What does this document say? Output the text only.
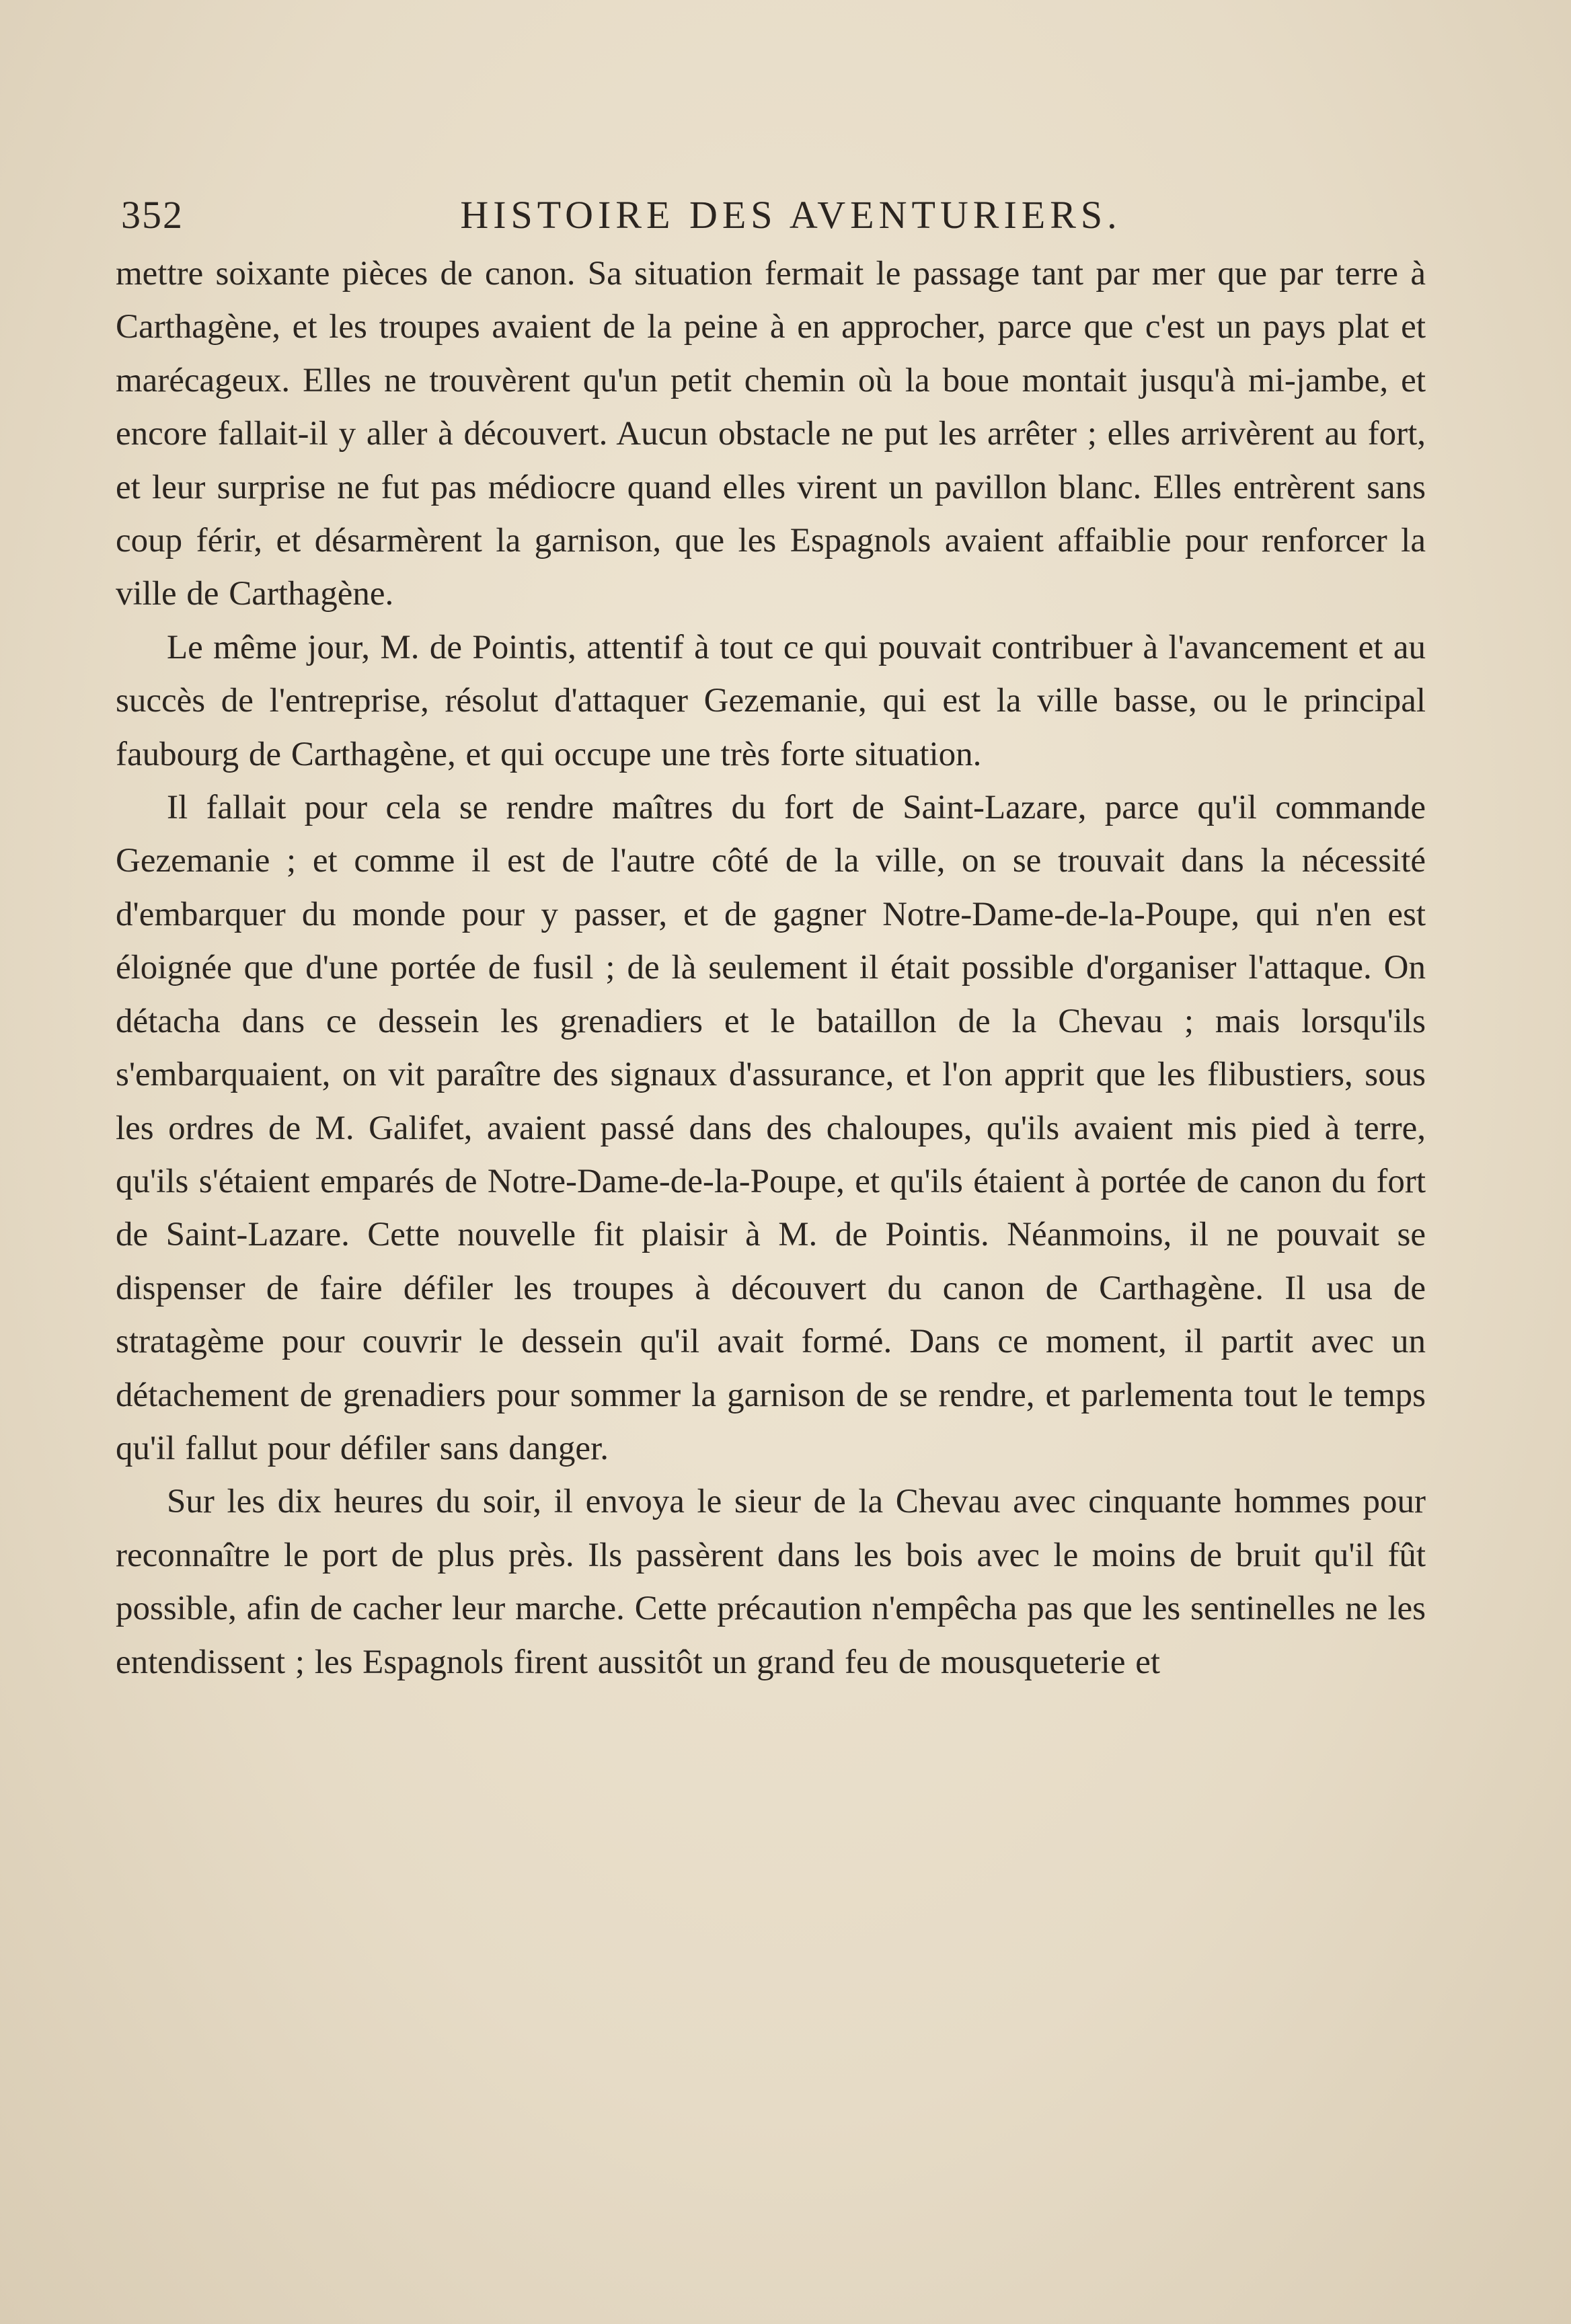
352	HISTOIRE DES AVENTURIERS.

mettre soixante pièces de canon. Sa situation fermait le passage tant par mer que par terre à Carthagène, et les troupes avaient de la peine à en approcher, parce que c'est un pays plat et marécageux. Elles ne trouvèrent qu'un petit chemin où la boue montait jusqu'à mi-jambe, et encore fallait-il y aller à découvert. Aucun obstacle ne put les arrêter ; elles arrivèrent au fort, et leur surprise ne fut pas médiocre quand elles virent un pavillon blanc. Elles entrèrent sans coup férir, et désarmèrent la garnison, que les Espagnols avaient affaiblie pour renforcer la ville de Carthagène.

Le même jour, M. de Pointis, attentif à tout ce qui pouvait contribuer à l'avancement et au succès de l'entreprise, résolut d'attaquer Gezemanie, qui est la ville basse, ou le principal faubourg de Carthagène, et qui occupe une très forte situation.

Il fallait pour cela se rendre maîtres du fort de Saint-Lazare, parce qu'il commande Gezemanie ; et comme il est de l'autre côté de la ville, on se trouvait dans la nécessité d'embarquer du monde pour y passer, et de gagner Notre-Dame-de-la-Poupe, qui n'en est éloignée que d'une portée de fusil ; de là seulement il était possible d'organiser l'attaque. On détacha dans ce dessein les grenadiers et le bataillon de la Chevau ; mais lorsqu'ils s'embarquaient, on vit paraître des signaux d'assurance, et l'on apprit que les flibustiers, sous les ordres de M. Galifet, avaient passé dans des chaloupes, qu'ils avaient mis pied à terre, qu'ils s'étaient emparés de Notre-Dame-de-la-Poupe, et qu'ils étaient à portée de canon du fort de Saint-Lazare. Cette nouvelle fit plaisir à M. de Pointis. Néanmoins, il ne pouvait se dispenser de faire défiler les troupes à découvert du canon de Carthagène. Il usa de stratagème pour couvrir le dessein qu'il avait formé. Dans ce moment, il partit avec un détachement de grenadiers pour sommer la garnison de se rendre, et parlementa tout le temps qu'il fallut pour défiler sans danger.

Sur les dix heures du soir, il envoya le sieur de la Chevau avec cinquante hommes pour reconnaître le port de plus près. Ils passèrent dans les bois avec le moins de bruit qu'il fût possible, afin de cacher leur marche. Cette précaution n'empêcha pas que les sentinelles ne les entendissent ; les Espagnols firent aussitôt un grand feu de mousqueterie et
